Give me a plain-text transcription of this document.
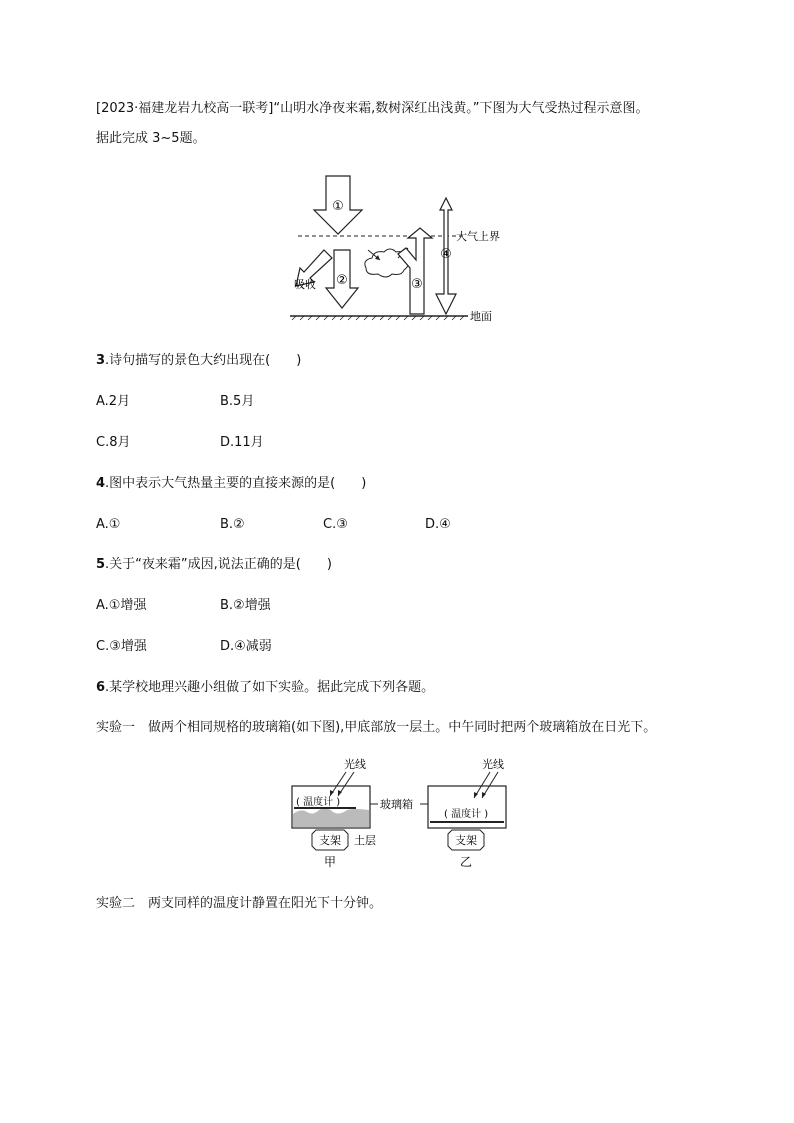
[2023·福建龙岩九校高一联考]“山明水净夜来霜,数树深红出浅黄。”下图为大气受热过程示意图。
据此完成 3~5题。
①
大气上界
吸收 ②	③
④
地面
3.诗句描写的景色大约出现在(　　)
A.2月	B.5月
C.8月	D.11月
4.图中表示大气热量主要的直接来源的是(　　)
A.①	B.②	C.③	D.④
5.关于“夜来霜”成因,说法正确的是(　　)
A.①增强	B.②增强
C.③增强	D.④减弱
6.某学校地理兴趣小组做了如下实验。据此完成下列各题。
实验一　做两个相同规格的玻璃箱(如下图),甲底部放一层土。中午同时把两个玻璃箱放在日光下。
( 温度计 )
光线
支架 土层
甲
玻璃箱
( 温度计 )
光线
支架
乙
实验二　两支同样的温度计静置在阳光下十分钟。
